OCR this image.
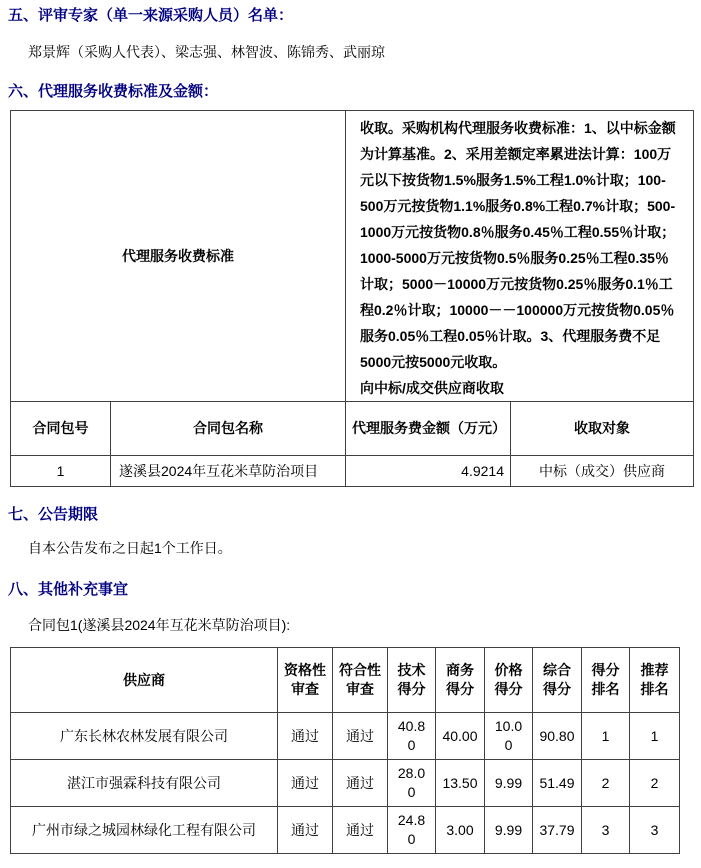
五、评审专家（单一来源采购人员）名单：

郑景辉（采购人代表）、梁志强、林智波、陈锦秀、武丽琼

六、代理服务收费标准及金额：
代理服务收费标准		收取。采购机构代理服务收费标准：1、以中标金额为计算基准。2、采用差额定率累进法计算：100万元以下按货物1.5%服务1.5%工程1.0%计取；100-500万元按货物1.1%服务0.8%工程0.7%计取；500-1000万元按货物0.8％服务0.45％工程0.55％计取；1000-5000万元按货物0.5％服务0.25％工程0.35％计取；5000－10000万元按货物0.25％服务0.1％工程0.2％计取；10000－－100000万元按货物0.05％服务0.05％工程0.05％计取。3、代理服务费不足5000元按5000元收取。

向中标/成交供应商收取	

合同包号	合同包名称	代理服务费金额（万元）	收取对象
1	遂溪县2024年互花米草防治项目	4.9214	中标（成交）供应商
七、公告期限

自本公告发布之日起1个工作日。

八、其他补充事宜

合同包1(遂溪县2024年互花米草防治项目):

供应商	资格性审查	符合性审查	技术得分	商务得分	价格得分	综合得分	得分排名	推荐排名
广东长林农林发展有限公司	通过	通过	40.80	40.00	10.00	90.80	1	1
湛江市强霖科技有限公司	通过	通过	28.00	13.50	9.99	51.49	2	2
广州市绿之城园林绿化工程有限公司	通过	通过	24.80	3.00	9.99	37.79	3	3
